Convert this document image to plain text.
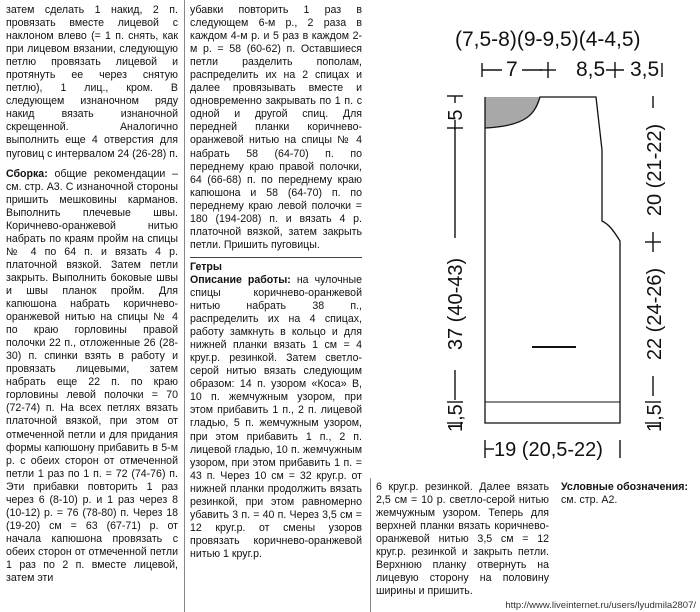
затем сделать 1 накид, 2 п. провязать вместе лицевой с наклоном влево (= 1 п. снять, как при лицевом вязании, следующую петлю провязать лицевой и протянуть ее через снятую петлю), 1 лиц., кром. В следующем изнаночном ряду накид вязать изнаночной скрещенной. Аналогично выполнить еще 4 отверстия для пуговиц с интервалом 24 (26-28) п.

Сборка: общие рекомендации – см. стр. А3. С изнаночной стороны пришить мешковины карманов. Выполнить плечевые швы. Коричнево-оранжевой нитью набрать по краям пройм на спицы № 4 по 64 п. и вязать 4 р. платочной вязкой. Затем петли закрыть. Выполнить боковые швы и швы планок пройм. Для капюшона набрать коричнево-оранжевой нитью на спицы № 4 по краю горловины правой полочки 22 п., отложенные 26 (28-30) п. спинки взять в работу и провязать лицевыми, затем набрать еще 22 п. по краю горловины левой полочки = 70 (72-74) п. На всех петлях вязать платочной вязкой, при этом от отмеченной петли и для придания формы капюшону прибавить в 5-м р. с обеих сторон от отмеченной петли 1 раз по 1 п. = 72 (74-76) п. Эти прибавки повторить 1 раз через 6 (8-10) р. и 1 раз через 8 (10-12) р. = 76 (78-80) п. Через 18 (19-20) см = 63 (67-71) р. от начала капюшона провязать с обеих сторон от отмеченной петли 1 раз по 2 п. вместе лицевой, затем эти

убавки повторить 1 раз в следующем 6-м р., 2 раза в каждом 4-м р. и 5 раз в каждом 2-м р. = 58 (60-62) п. Оставшиеся петли разделить пополам, распределить их на 2 спицах и далее провязывать вместе и одновременно закрывать по 1 п. с одной и другой спиц. Для передней планки коричнево-оранжевой нитью на спицы № 4 набрать 58 (64-70) п. по переднему краю правой полочки, 64 (66-68) п. по переднему краю капюшона и 58 (64-70) п. по переднему краю левой полочки = 180 (194-208) п. и вязать 4 р. платочной вязкой, затем закрыть петли. Пришить пуговицы.

Гетры

Описание работы: на чулочные спицы коричнево-оранжевой нитью набрать 38 п., распределить их на 4 спицах, работу замкнуть в кольцо и для нижней планки вязать 1 см = 4 круг.р. резинкой. Затем светло-серой нитью вязать следующим образом: 14 п. узором «Коса» В, 10 п. жемчужным узором, при этом прибавить 1 п., 2 п. лицевой гладью, 5 п. жемчужным узором, при этом прибавить 1 п., 2 п. лицевой гладью, 10 п. жемчужным узором, при этом прибавить 1 п. = 43 п. Через 10 см = 32 круг.р. от нижней планки продолжить вязать резинкой, при этом равномерно убавить 3 п. = 40 п. Через 3,5 см = 12 круг.р. от смены узоров провязать коричнево-оранжевой нитью 1 круг.р.

6 круг.р. резинкой. Далее вязать 2,5 см = 10 р. светло-серой нитью жемчужным узором. Теперь для верхней планки вязать коричнево-оранжевой нитью 3,5 см = 12 круг.р. резинкой и закрыть петли. Верхнюю планку отвернуть на лицевую сторону на половину ширины и пришить.

Условные обозначения:

см. стр. А2.

(7,5-8)(9-9,5)(4-4,5)
7	8,5 3,5
5
37 (40-43)
1,5
20 (21-22)
22 (24-26)
1,5
19 (20,5-22)
http://www.liveinternet.ru/users/lyudmila2807/
